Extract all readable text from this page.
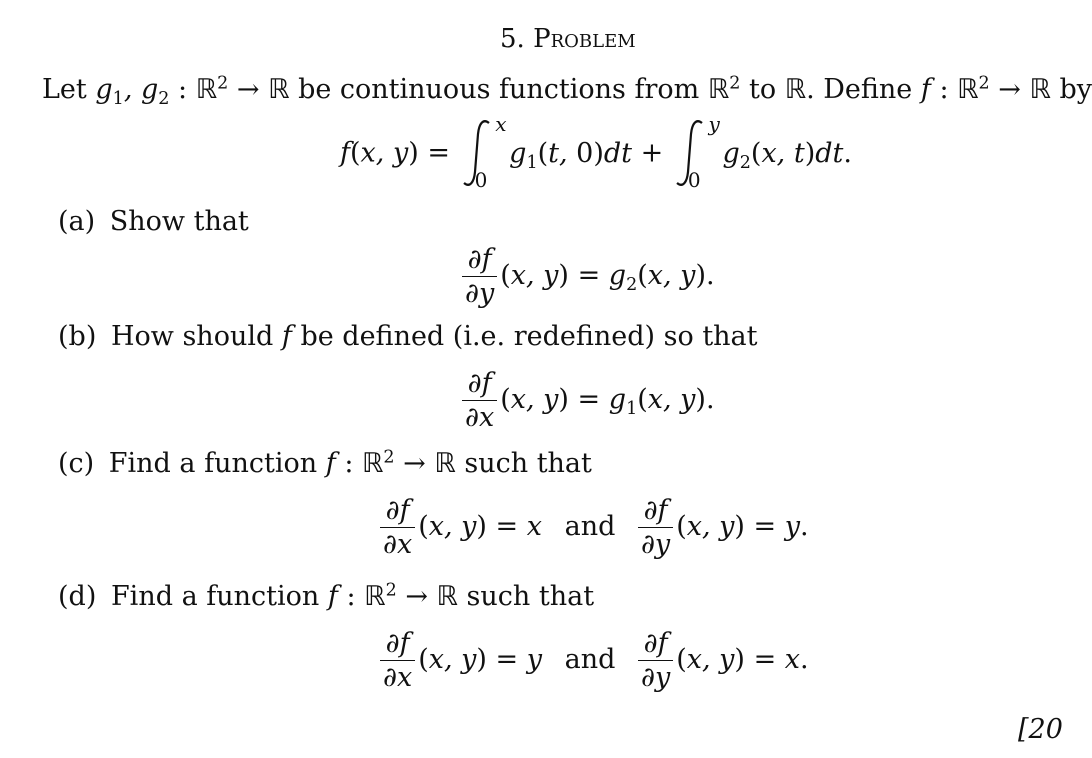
5. Problem
Let $g_1$, $g_2$ : ℝ$^2$ → ℝ be continuous functions from ℝ$^2$ to ℝ. Define f : ℝ$^2$ → ℝ by
f(x, y) =
x
0
$g_1(t$, 0)dt +
y
0
$g_2(x$, t)dt.
(a) Show that
$\frac{\partial f}{\partial y} (x$, $y) = g_2(x$, y).
(b) How should f be defined (i.e. redefined) so that
$\frac{\partial f}{\partial x} (x$, $y) = g_1(x$, y).
(c) Find a function f : ℝ$^2$ → ℝ such that
$\frac{\partial f}{\partial x} (x$, y) = x and $\frac{\partial f}{\partial y} (x$, y) = y.
(d) Find a function f : ℝ$^2$ → ℝ such that
$\frac{\partial f}{\partial x} (x$, y) = y and $\frac{\partial f}{\partial y} (x$, y) = x.
[20
